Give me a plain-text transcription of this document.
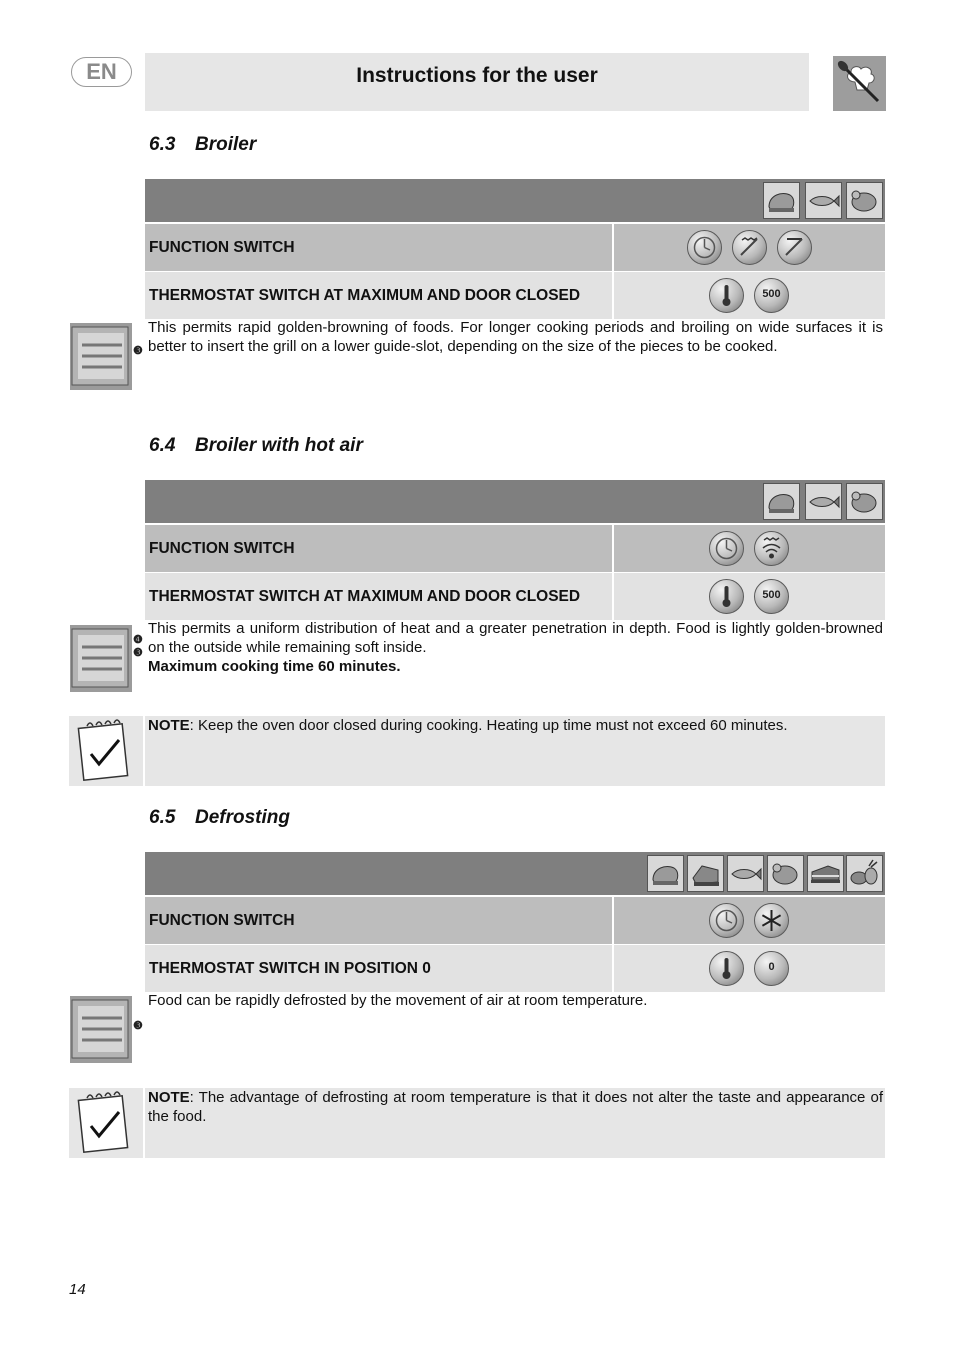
EN	Instructions for the user
6.3 Broiler
FUNCTION SWITCH
THERMOSTAT SWITCH AT MAXIMUM AND DOOR CLOSED	500
❸
This permits rapid golden-browning of foods. For longer cooking periods and broiling on wide surfaces it is better to insert the grill on a lower guide-slot, depending on the size of the pieces to be cooked.
6.4 Broiler with hot air
FUNCTION SWITCH
THERMOSTAT SWITCH AT MAXIMUM AND DOOR CLOSED	500
❹
❸
This permits a uniform distribution of heat and a greater penetration in depth. Food is lightly golden-browned on the outside while remaining soft inside.
Maximum cooking time 60 minutes.
NOTE: Keep the oven door closed during cooking. Heating up time must not exceed 60 minutes.
6.5 Defrosting
FUNCTION SWITCH
THERMOSTAT SWITCH IN POSITION 0	0
❸
Food can be rapidly defrosted by the movement of air at room temperature.
NOTE: The advantage of defrosting at room temperature is that it does not alter the taste and appearance of the food.
14
